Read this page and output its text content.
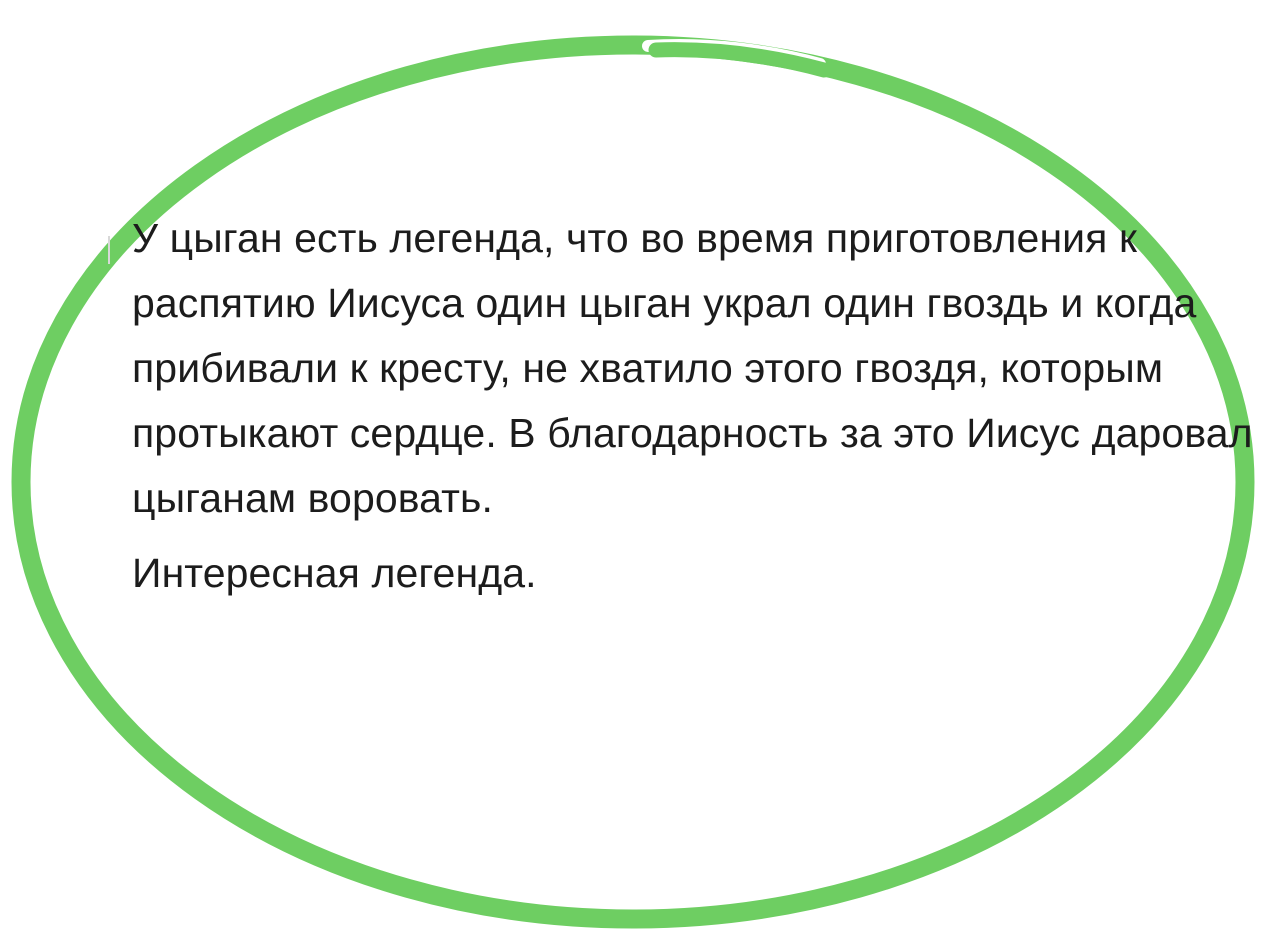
У цыган есть легенда, что во время приготовления к распятию Иисуса один цыган украл один гвоздь и когда прибивали к кресту, не хватило этого гвоздя, которым протыкают сердце. В благодарность за это Иисус даровал цыганам воровать.

Интересная легенда.
